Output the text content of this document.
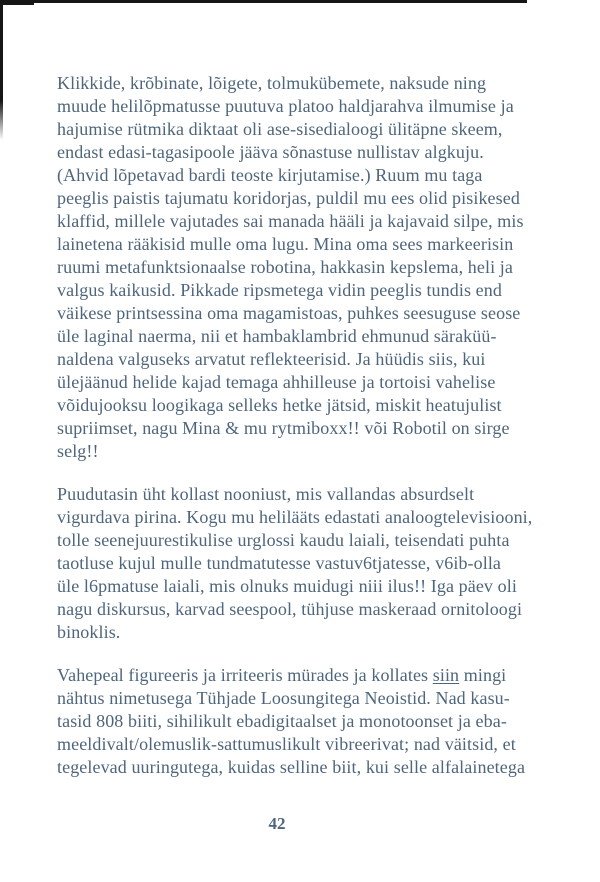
Klikkide, krõbinate, lõigete, tolmukübemete, naksude ning
muude helilõpmatusse puutuva platoo haldjarahva ilmumise ja
hajumise rütmika diktaat oli ase-sisedialoogi ülitäpne skeem,
endast edasi-tagasipoole jääva sõnastuse nullistav algkuju.
(Ahvid lõpetavad bardi teoste kirjutamise.) Ruum mu taga
peeglis paistis tajumatu koridorjas, puldil mu ees olid pisikesed
klaffid, millele vajutades sai manada hääli ja kajavaid silpe, mis
lainetena rääkisid mulle oma lugu. Mina oma sees markeerisin
ruumi metafunktsionaalse robotina, hakkasin kepslema, heli ja
valgus kaikusid. Pikkade ripsmetega vidin peeglis tundis end
väikese printsessina oma magamistoas, puhkes seesuguse seose
üle laginal naerma, nii et hambaklambrid ehmunud säraküü-
naldena valguseks arvatut reflekteerisid. Ja hüüdis siis, kui
ülejäänud helide kajad temaga ahhilleuse ja tortoisi vahelise
võidujooksu loogikaga selleks hetke jätsid, miskit heatujulist
supriimset, nagu Mina & mu rytmiboxx!! või Robotil on sirge
selg!!
Puudutasin üht kollast nooniust, mis vallandas absurdselt
vigurdava pirina. Kogu mu helilääts edastati analoogtelevisiooni,
tolle seenejuurestikulise urglossi kaudu laiali, teisendati puhta
taotluse kujul mulle tundmatutesse vastuv6tjatesse, v6ib-olla
üle l6pmatuse laiali, mis olnuks muidugi niii ilus!! Iga päev oli
nagu diskursus, karvad seespool, tühjuse maskeraad ornitoloogi
binoklis.
Vahepeal figureeris ja irriteeris mürades ja kollates siin mingi
nähtus nimetusega Tühjade Loosungitega Neoistid. Nad kasu-
tasid 808 biiti, sihilikult ebadigitaalset ja monotoonset ja eba-
meeldivalt/olemuslik-sattumuslikult vibreerivat; nad väitsid, et
tegelevad uuringutega, kuidas selline biit, kui selle alfalainetega
42
